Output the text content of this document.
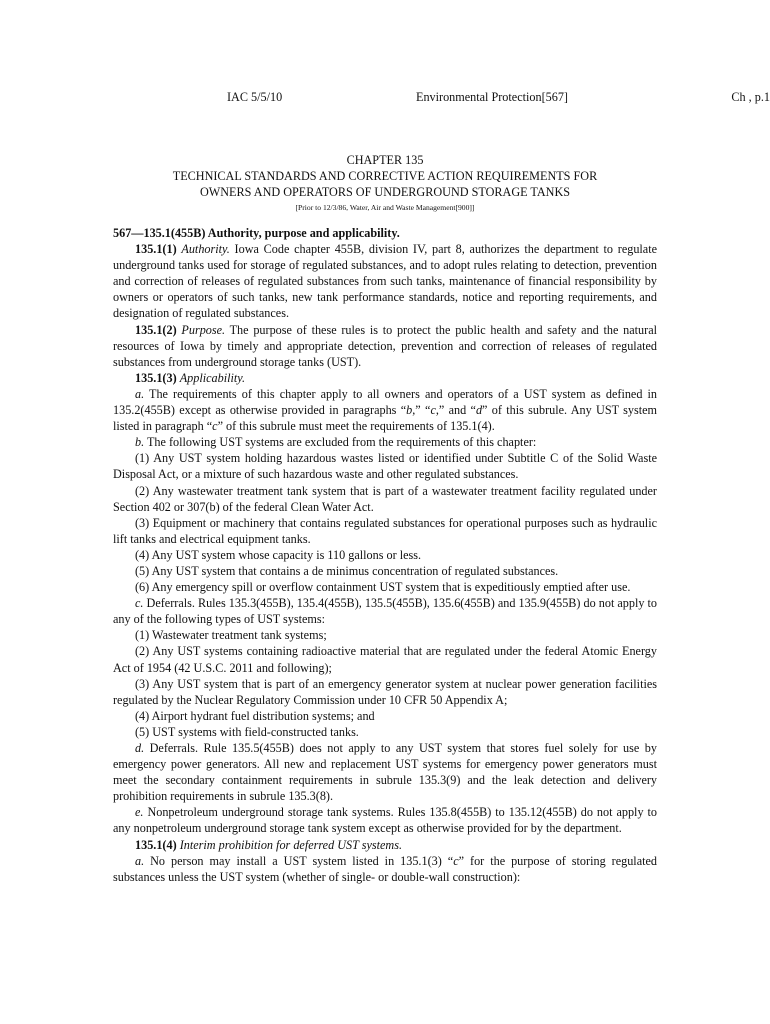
IAC 5/5/10	Environmental Protection[567]	Ch , p.1
CHAPTER 135
TECHNICAL STANDARDS AND CORRECTIVE ACTION REQUIREMENTS FOR
OWNERS AND OPERATORS OF UNDERGROUND STORAGE TANKS
[Prior to 12/3/86, Water, Air and Waste Management[900]]

567—135.1(455B) Authority, purpose and applicability.

135.1(1) Authority. Iowa Code chapter 455B, division IV, part 8, authorizes the department to regulate underground tanks used for storage of regulated substances, and to adopt rules relating to detection, prevention and correction of releases of regulated substances from such tanks, maintenance of financial responsibility by owners or operators of such tanks, new tank performance standards, notice and reporting requirements, and designation of regulated substances.

135.1(2) Purpose. The purpose of these rules is to protect the public health and safety and the natural resources of Iowa by timely and appropriate detection, prevention and correction of releases of regulated substances from underground storage tanks (UST).

135.1(3) Applicability.

a. The requirements of this chapter apply to all owners and operators of a UST system as defined in 135.2(455B) except as otherwise provided in paragraphs “b,” “c,” and “d” of this subrule. Any UST system listed in paragraph “c” of this subrule must meet the requirements of 135.1(4).

b. The following UST systems are excluded from the requirements of this chapter:

(1) Any UST system holding hazardous wastes listed or identified under Subtitle C of the Solid Waste Disposal Act, or a mixture of such hazardous waste and other regulated substances.

(2) Any wastewater treatment tank system that is part of a wastewater treatment facility regulated under Section 402 or 307(b) of the federal Clean Water Act.

(3) Equipment or machinery that contains regulated substances for operational purposes such as hydraulic lift tanks and electrical equipment tanks.

(4) Any UST system whose capacity is 110 gallons or less.

(5) Any UST system that contains a de minimus concentration of regulated substances.

(6) Any emergency spill or overflow containment UST system that is expeditiously emptied after use.

c. Deferrals. Rules 135.3(455B), 135.4(455B), 135.5(455B), 135.6(455B) and 135.9(455B) do not apply to any of the following types of UST systems:

(1) Wastewater treatment tank systems;

(2) Any UST systems containing radioactive material that are regulated under the federal Atomic Energy Act of 1954 (42 U.S.C. 2011 and following);

(3) Any UST system that is part of an emergency generator system at nuclear power generation facilities regulated by the Nuclear Regulatory Commission under 10 CFR 50 Appendix A;

(4) Airport hydrant fuel distribution systems; and

(5) UST systems with field-constructed tanks.

d. Deferrals. Rule 135.5(455B) does not apply to any UST system that stores fuel solely for use by emergency power generators. All new and replacement UST systems for emergency power generators must meet the secondary containment requirements in subrule 135.3(9) and the leak detection and delivery prohibition requirements in subrule 135.3(8).

e. Nonpetroleum underground storage tank systems. Rules 135.8(455B) to 135.12(455B) do not apply to any nonpetroleum underground storage tank system except as otherwise provided for by the department.

135.1(4) Interim prohibition for deferred UST systems.

a. No person may install a UST system listed in 135.1(3) “c” for the purpose of storing regulated substances unless the UST system (whether of single- or double-wall construction):
